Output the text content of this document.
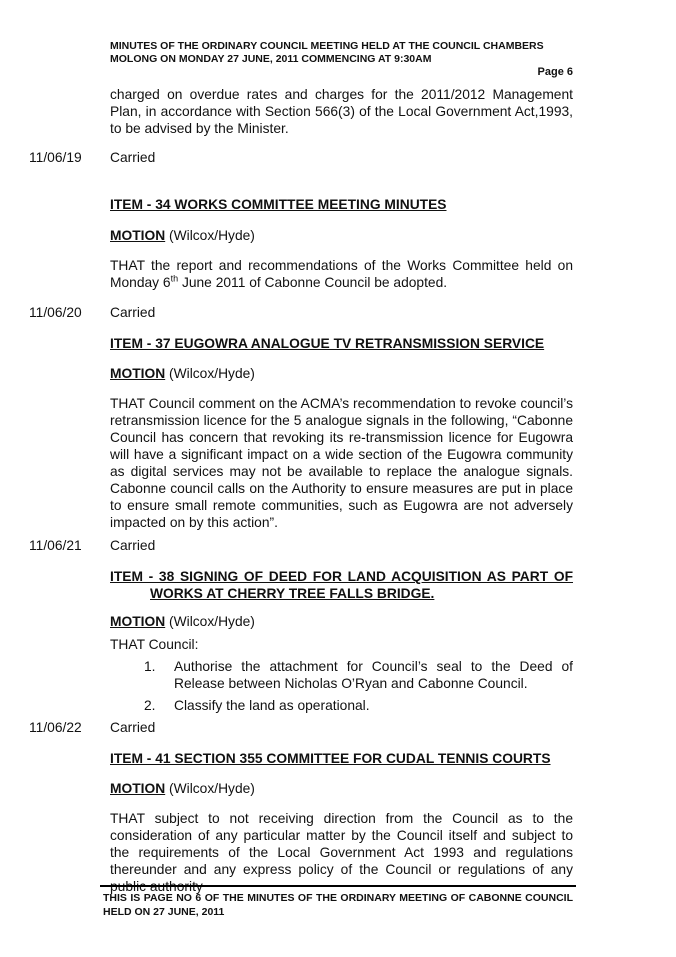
MINUTES OF THE ORDINARY COUNCIL MEETING HELD AT THE COUNCIL CHAMBERS
MOLONG ON MONDAY 27 JUNE, 2011 COMMENCING AT 9:30AM
Page 6
charged on overdue rates and charges for the 2011/2012 Management Plan, in accordance with Section 566(3) of the Local Government Act,1993, to be advised by the Minister.
11/06/19 Carried
ITEM - 34 WORKS COMMITTEE MEETING MINUTES
MOTION (Wilcox/Hyde)
THAT the report and recommendations of the Works Committee held on Monday 6th June 2011 of Cabonne Council be adopted.
11/06/20 Carried
ITEM - 37 EUGOWRA ANALOGUE TV RETRANSMISSION SERVICE
MOTION (Wilcox/Hyde)
THAT Council comment on the ACMA’s recommendation to revoke council’s retransmission licence for the 5 analogue signals in the following, “Cabonne Council has concern that revoking its re-transmission licence for Eugowra will have a significant impact on a wide section of the Eugowra community as digital services may not be available to replace the analogue signals. Cabonne council calls on the Authority to ensure measures are put in place to ensure small remote communities, such as Eugowra are not adversely impacted on by this action”.
11/06/21 Carried
ITEM - 38 SIGNING OF DEED FOR LAND ACQUISITION AS PART OF
WORKS AT CHERRY TREE FALLS BRIDGE.
MOTION (Wilcox/Hyde)
THAT Council:
1. Authorise the attachment for Council’s seal to the Deed of Release between Nicholas O’Ryan and Cabonne Council.
2. Classify the land as operational.
11/06/22 Carried
ITEM - 41 SECTION 355 COMMITTEE FOR CUDAL TENNIS COURTS
MOTION (Wilcox/Hyde)
THAT subject to not receiving direction from the Council as to the consideration of any particular matter by the Council itself and subject to the requirements of the Local Government Act 1993 and regulations thereunder and any express policy of the Council or regulations of any public authority
THIS IS PAGE NO 6 OF THE MINUTES OF THE ORDINARY MEETING OF CABONNE COUNCIL HELD ON 27 JUNE, 2011
